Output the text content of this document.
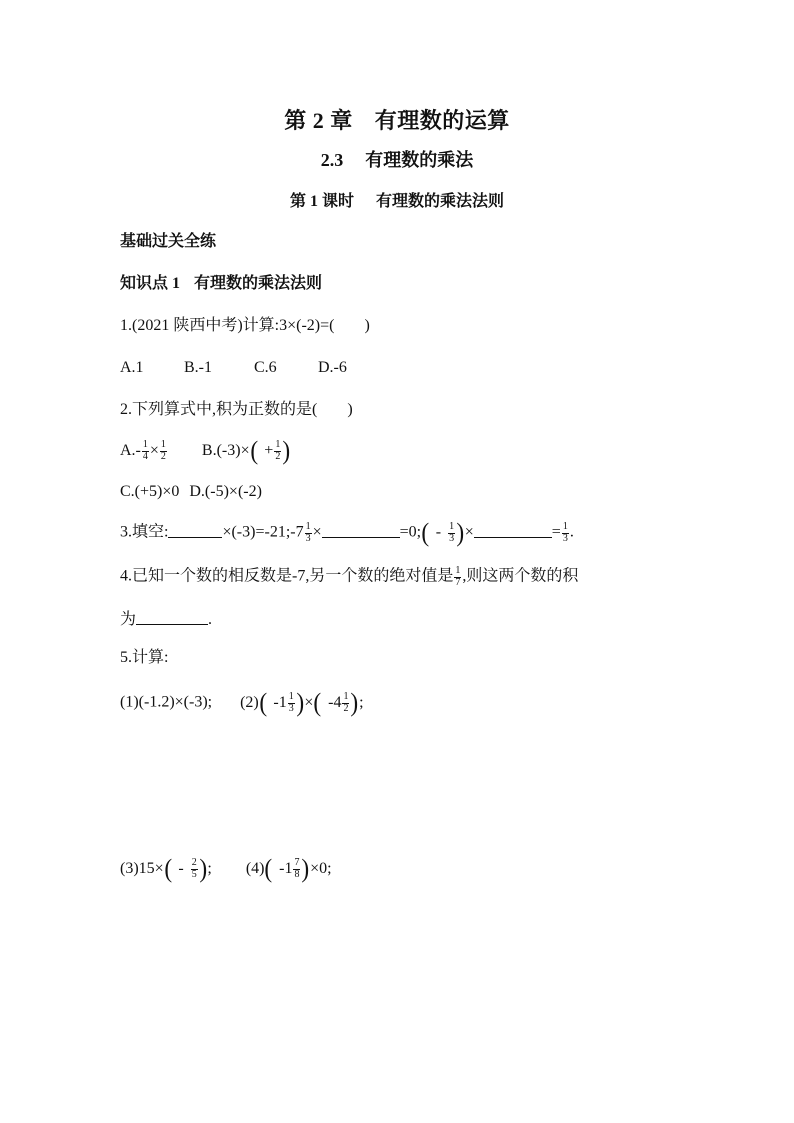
第 2 章 有理数的运算
2.3 有理数的乘法
第 1 课时 有理数的乘法法则
基础过关全练
知识点 1 有理数的乘法法则
1.(2021 陕西中考)计算:3×(-2)=( )
A.1	B.-1	C.6	D.-6
2.下列算式中,积为正数的是( )
$A.- \frac{1}{4} \times \frac{1}{2} B.(-3)\times( + \frac{1}{2}$ )
C.(+5)×0 D.(-5)×(-2)
3.填空:	×(-3)=-21;-7 $\frac{1}{3}$ ×	=0;( - $\frac{1}{3}$ )×	= $\frac{1}{3}$ .
4.已知一个数的相反数是-7,另一个数的绝对值是 $\frac{1}{7}$ ,则这两个数的积
为	.
5.计算:
(1)(-1.2)×(-3); (2)( $-1 \frac{1}{3}$ )×( $-4 \frac{1}{2}$ );
$(3)15\times( - \frac{2}{5}$ ); (4)( $-1 \frac{7}{8} )\times 0$;
